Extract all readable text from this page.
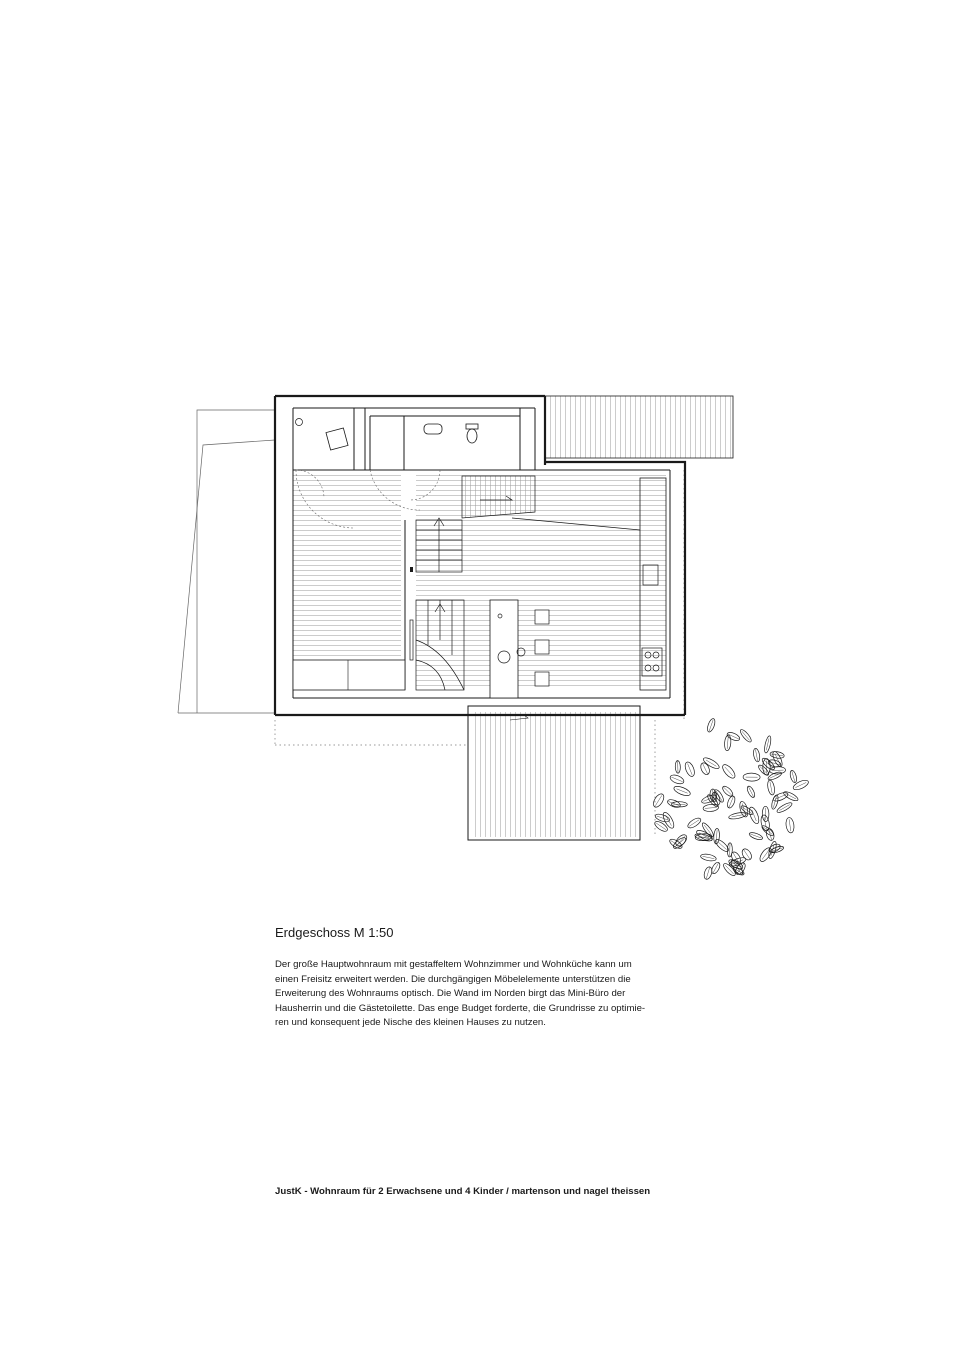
Erdgeschoss M 1:50

Der große Hauptwohnraum mit gestaffeltem Wohnzimmer und Wohnküche kann um
einen Freisitz erweitert werden. Die durchgängigen Möbelelemente unterstützen die
Erweiterung des Wohnraums optisch. Die Wand im Norden birgt das Mini-Büro der
Hausherrin und die Gästetoilette. Das enge Budget forderte, die Grundrisse zu optimie-
ren und konsequent jede Nische des kleinen Hauses zu nutzen.

JustK - Wohnraum für 2 Erwachsene und 4 Kinder / martenson und nagel theissen
